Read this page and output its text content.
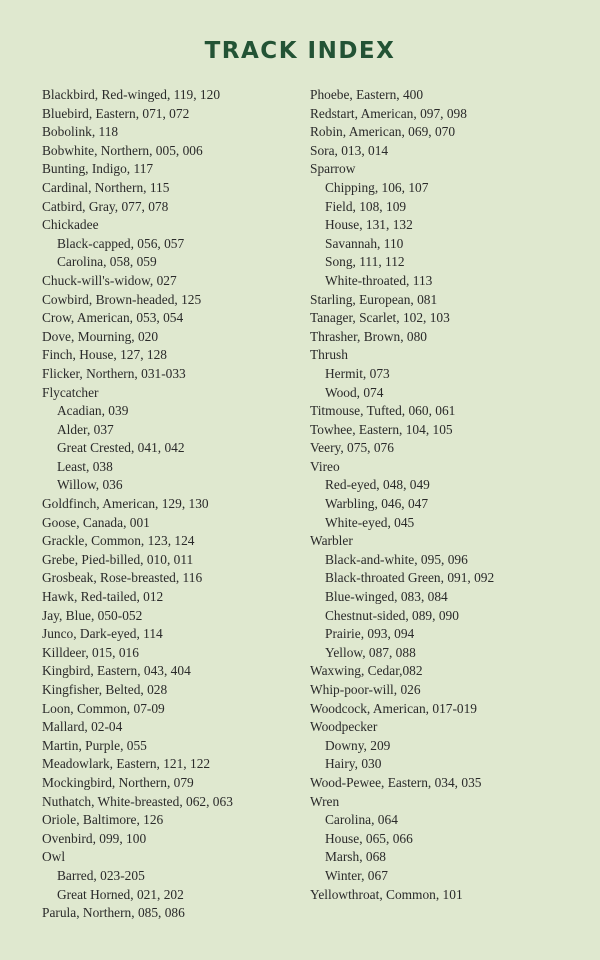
TRACK INDEX
Blackbird, Red-winged, 119, 120
Bluebird, Eastern, 071, 072
Bobolink, 118
Bobwhite, Northern, 005, 006
Bunting, Indigo, 117
Cardinal, Northern, 115
Catbird, Gray, 077, 078
Chickadee
Black-capped, 056, 057
Carolina, 058, 059
Chuck-will's-widow, 027
Cowbird, Brown-headed, 125
Crow, American, 053, 054
Dove, Mourning, 020
Finch, House, 127, 128
Flicker, Northern, 031-033
Flycatcher
Acadian, 039
Alder, 037
Great Crested, 041, 042
Least, 038
Willow, 036
Goldfinch, American, 129, 130
Goose, Canada, 001
Grackle, Common, 123, 124
Grebe, Pied-billed, 010, 011
Grosbeak, Rose-breasted, 116
Hawk, Red-tailed, 012
Jay, Blue, 050-052
Junco, Dark-eyed, 114
Killdeer, 015, 016
Kingbird, Eastern, 043, 404
Kingfisher, Belted, 028
Loon, Common, 07-09
Mallard, 02-04
Martin, Purple, 055
Meadowlark, Eastern, 121, 122
Mockingbird, Northern, 079
Nuthatch, White-breasted, 062, 063
Oriole, Baltimore, 126
Ovenbird, 099, 100
Owl
Barred, 023-205
Great Horned, 021, 202
Parula, Northern, 085, 086
Phoebe, Eastern, 400
Redstart, American, 097, 098
Robin, American, 069, 070
Sora, 013, 014
Sparrow
Chipping, 106, 107
Field, 108, 109
House, 131, 132
Savannah, 110
Song, 111, 112
White-throated, 113
Starling, European, 081
Tanager, Scarlet, 102, 103
Thrasher, Brown, 080
Thrush
Hermit, 073
Wood, 074
Titmouse, Tufted, 060, 061
Towhee, Eastern, 104, 105
Veery, 075, 076
Vireo
Red-eyed, 048, 049
Warbling, 046, 047
White-eyed, 045
Warbler
Black-and-white, 095, 096
Black-throated Green, 091, 092
Blue-winged, 083, 084
Chestnut-sided, 089, 090
Prairie, 093, 094
Yellow, 087, 088
Waxwing, Cedar,082
Whip-poor-will, 026
Woodcock, American, 017-019
Woodpecker
Downy, 209
Hairy, 030
Wood-Pewee, Eastern, 034, 035
Wren
Carolina, 064
House, 065, 066
Marsh, 068
Winter, 067
Yellowthroat, Common, 101
